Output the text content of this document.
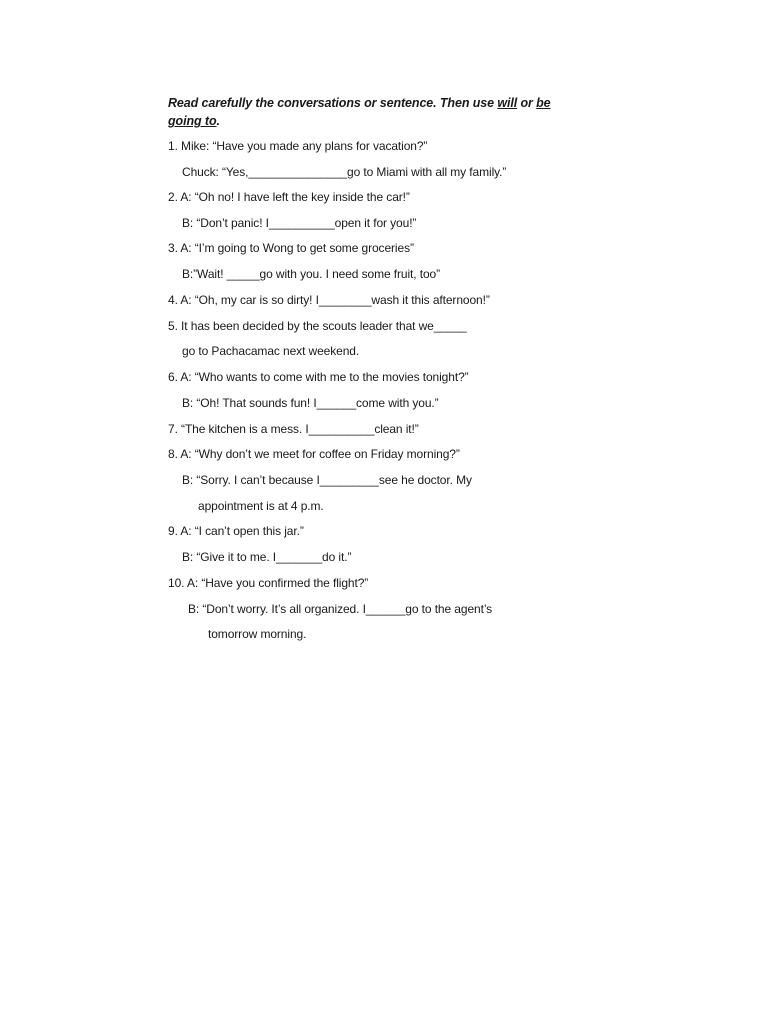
Read carefully the conversations or sentence. Then use will or be
going to.
1. Mike: “Have you made any plans for vacation?”
Chuck: “Yes,_______________go to Miami with all my family.”
2. A: “Oh no! I have left the key inside the car!”
B: “Don’t panic! I__________open it for you!”
3. A: “I’m going to Wong to get some groceries”
B:”Wait! _____go with you. I need some fruit, too”
4. A: “Oh, my car is so dirty! I________wash it this afternoon!”
5. It has been decided by the scouts leader that we_____
go to Pachacamac next weekend.
6. A: “Who wants to come with me to the movies tonight?”
B: “Oh! That sounds fun! I______come with you.”
7. “The kitchen is a mess. I__________clean it!”
8. A: “Why don’t we meet for coffee on Friday morning?”
B: “Sorry. I can’t because I_________see he doctor. My
appointment is at 4 p.m.
9. A: “I can’t open this jar.”
B: “Give it to me. I_______do it.”
10. A: “Have you confirmed the flight?”
B: “Don’t worry. It’s all organized. I______go to the agent’s
tomorrow morning.
